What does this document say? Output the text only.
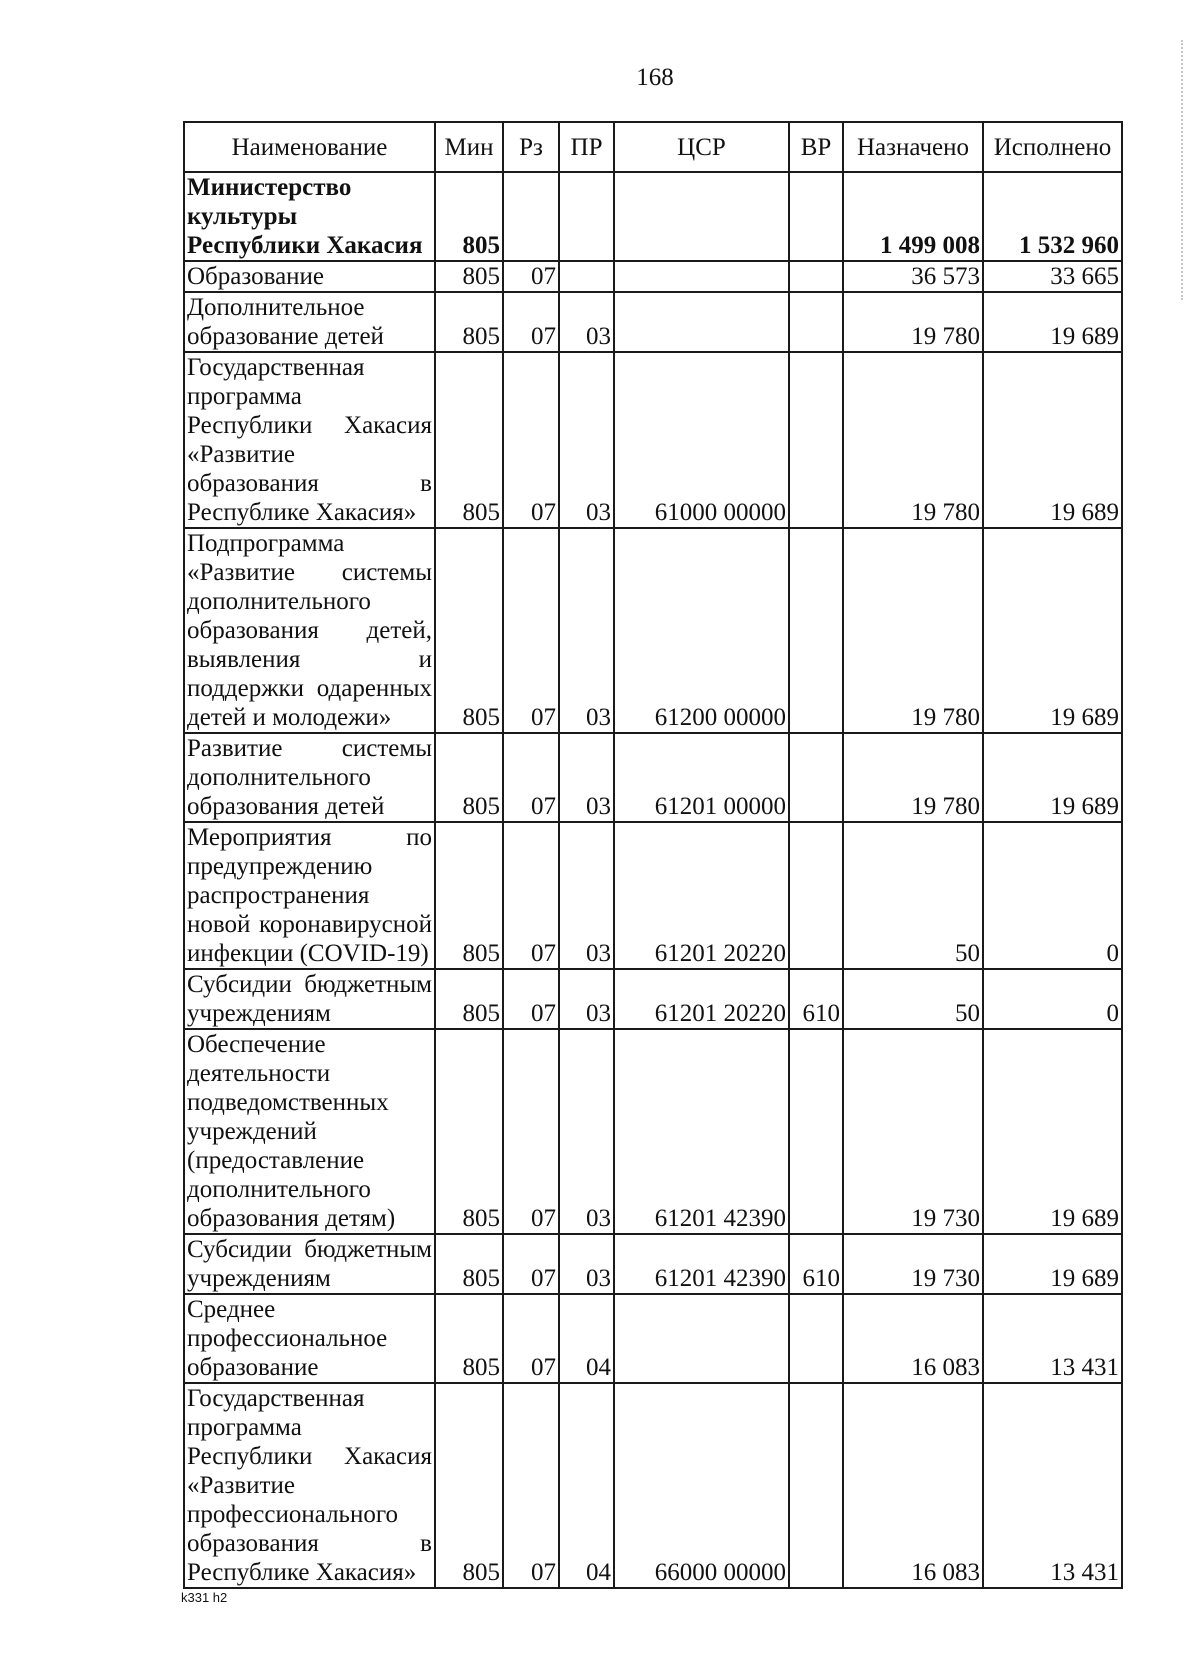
168
Наименование	Мин	Рз	ПР	ЦСР	ВР	Назначено	Исполнено
Министерство культуры Республики Хакасия	805					1 499 008	1 532 960
Образование	805	07				36 573	33 665
Дополнительное образование детей	805	07	03			19 780	19 689
Государственная программа Республики Хакасия «Развитие образования в Республике Хакасия»	805	07	03	61000 00000		19 780	19 689
Подпрограмма «Развитие системы дополнительного образования детей, выявления и поддержки одаренных детей и молодежи»	805	07	03	61200 00000		19 780	19 689
Развитие системы дополнительного образования детей	805	07	03	61201 00000		19 780	19 689
Мероприятия по предупреждению распространения новой коронавирусной инфекции (COVID-19)	805	07	03	61201 20220		50	0
Субсидии бюджетным учреждениям	805	07	03	61201 20220	610	50	0
Обеспечение деятельности подведомственных учреждений (предоставление дополнительного образования детям)	805	07	03	61201 42390		19 730	19 689
Субсидии бюджетным учреждениям	805	07	03	61201 42390	610	19 730	19 689
Среднее профессиональное образование	805	07	04			16 083	13 431
Государственная программа Республики Хакасия «Развитие профессионального образования в Республике Хакасия»	805	07	04	66000 00000		16 083	13 431
k331 h2
